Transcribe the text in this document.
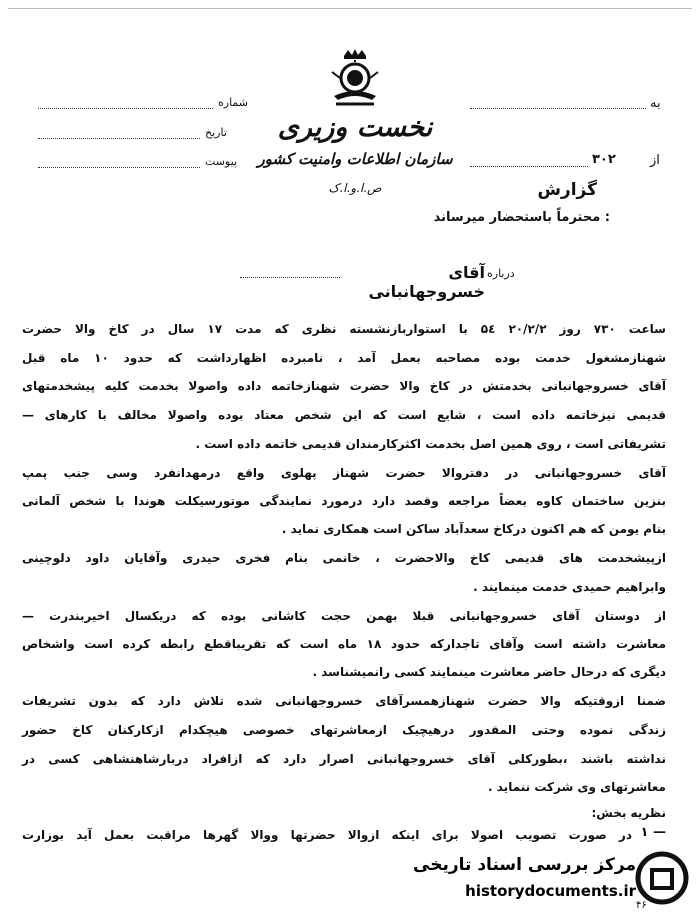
نخست وزیری
سازمان اطلاعات وامنیت کشور
ص.ا.و.ا.ک
شماره
تاریخ
پیوست
به
از
۳۰۲
گزارش
محترماً باستحضار میرساند :
درباره
آقای خسروجهانبانی
ساعت ۷۳۰ روز ۲۰/۲/۲ ۵٤ با استواربازنشسته نظری که مدت ۱۷ سال در کاخ والا حضرت
شهنازمشغول خدمت بوده مصاحبه بعمل آمد ، نامبرده اظهارداشت که حدود ۱۰ ماه قبل
آقای خسروجهانبانی بخدمتش در کاخ والا حضرت شهنازخاتمه داده واصولا بخدمت کلیه پیشخدمتهای
قدیمی نیزخاتمه داده است ، شایع است که این شخص معتاد بوده واصولا مخالف با کارهای —
تشریفاتی است ، روی همین اصل بخدمت اکثرکارمندان قدیمی خاتمه داده است .
آقای خسروجهانبانی در دفتروالا حضرت شهناز پهلوی واقع درمهدانفرد وسی جنب پمپ
بنزین ساختمان کاوه بعضاً مراجعه وقصد دارد درمورد نمایندگی موتورسیکلت هوندا با شخص آلمانی
بنام یومن که هم اکنون درکاخ سعدآباد ساکن است همکاری نماید .
ازپیشخدمت های قدیمی کاخ والاحضرت ، خانمی بنام فخری حیدری وآقایان داود دلوچینی
وابراهیم حمیدی خدمت مینمایند .
از دوستان آقای خسروجهانبانی قبلا بهمن حجت کاشانی بوده که دریکسال اخیربندرت —
معاشرت داشته است وآقای تاجدارکه حدود ۱۸ ماه است که تقریباقطع رابطه کرده است واشخاص
دیگری که درحال حاضر معاشرت مینمایند کسی رانمیشناسد .
ضمنا ازوقتیکه والا حضرت شهنازهمسرآقای خسروجهانبانی شده تلاش دارد که بدون تشریفات
زندگی نموده وحتی المقدور درهیچیک ازمعاشرتهای خصوصی هیچکدام ازکارکنان کاخ حضور
نداشته باشند ،بطورکلی آقای خسروجهانبانی اصرار دارد که ازافراد دربارشاهنشاهی کسی در
معاشرتهای وی شرکت ننماید .
نظریه بخش:
در صورت تصویب اصولا برای اینکه ازوالا حضرتها ووالا گهرها مراقبت بعمل آید بوزارت ۱ —
مرکز بررسی اسناد تاریخی
historydocuments.ir
۴۶
